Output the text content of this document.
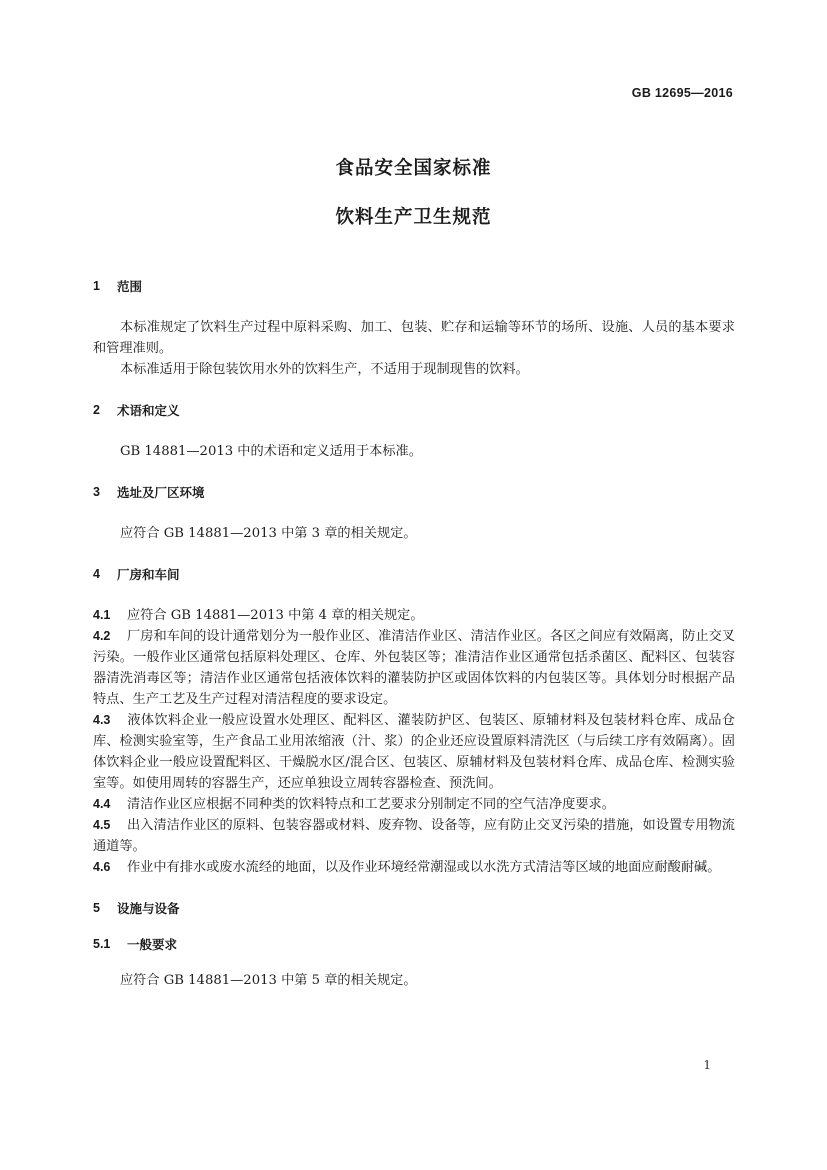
GB 12695—2016
食品安全国家标准
饮料生产卫生规范
1	范围
本标准规定了饮料生产过程中原料采购、加工、包装、贮存和运输等环节的场所、设施、人员的基本要求和管理准则。
本标准适用于除包装饮用水外的饮料生产，不适用于现制现售的饮料。
2	术语和定义
GB 14881—2013 中的术语和定义适用于本标准。
3	选址及厂区环境
应符合 GB 14881—2013 中第 3 章的相关规定。
4	厂房和车间
4.1 应符合 GB 14881—2013 中第 4 章的相关规定。
4.2 厂房和车间的设计通常划分为一般作业区、准清洁作业区、清洁作业区。各区之间应有效隔离，防止交叉污染。一般作业区通常包括原料处理区、仓库、外包装区等；准清洁作业区通常包括杀菌区、配料区、包装容器清洗消毒区等；清洁作业区通常包括液体饮料的灌装防护区或固体饮料的内包装区等。具体划分时根据产品特点、生产工艺及生产过程对清洁程度的要求设定。
4.3 液体饮料企业一般应设置水处理区、配料区、灌装防护区、包装区、原辅材料及包装材料仓库、成品仓库、检测实验室等，生产食品工业用浓缩液（汁、浆）的企业还应设置原料清洗区（与后续工序有效隔离）。固体饮料企业一般应设置配料区、干燥脱水区/混合区、包装区、原辅材料及包装材料仓库、成品仓库、检测实验室等。如使用周转的容器生产，还应单独设立周转容器检查、预洗间。
4.4 清洁作业区应根据不同种类的饮料特点和工艺要求分别制定不同的空气洁净度要求。
4.5 出入清洁作业区的原料、包装容器或材料、废弃物、设备等，应有防止交叉污染的措施，如设置专用物流通道等。
4.6 作业中有排水或废水流经的地面，以及作业环境经常潮湿或以水洗方式清洁等区域的地面应耐酸耐碱。
5	设施与设备
5.1	一般要求
应符合 GB 14881—2013 中第 5 章的相关规定。
1
